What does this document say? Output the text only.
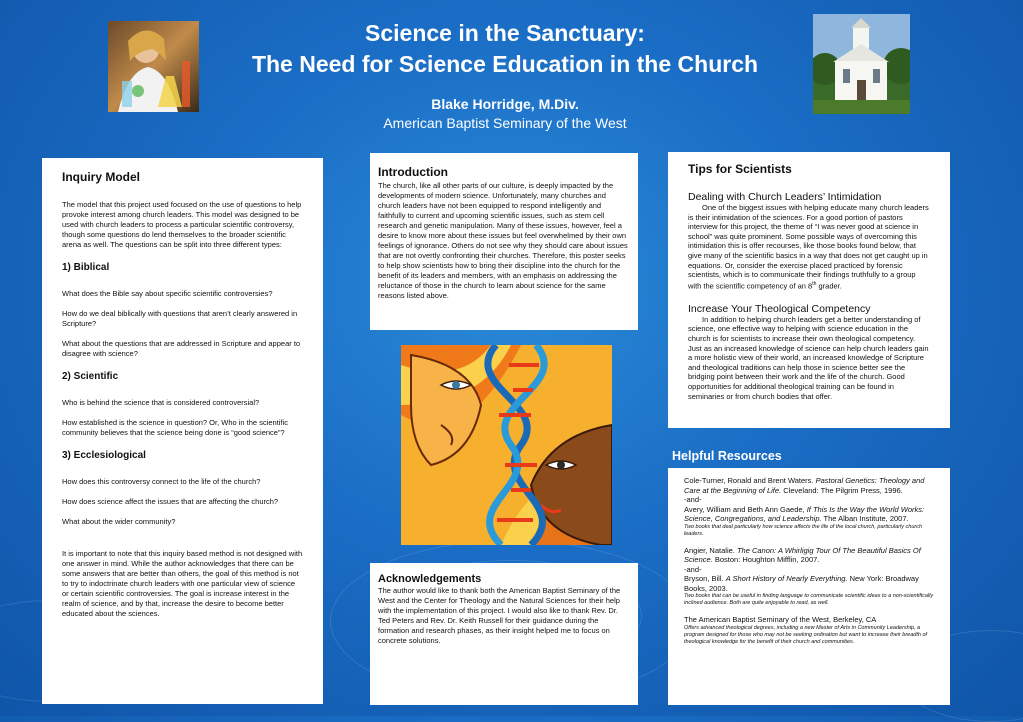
Science in the Sanctuary:
The Need for Science Education in the Church
Blake Horridge, M.Div.
American Baptist Seminary of the West
Inquiry Model
The model that this project used focused on the use of questions to help provoke interest among church leaders. This model was designed to be used with church leaders to process a particular scientific controversy, though some questions do lend themselves to the broader scientific arena as well. The questions can be split into three different types:
1) Biblical
What does the Bible say about specific scientific controversies?
How do we deal biblically with questions that aren’t clearly answered in Scripture?
What about the questions that are addressed in Scripture and appear to disagree with science?
2) Scientific
Who is behind the science that is considered controversial?
How established is the science in question? Or, Who in the scientific community believes that the science being done is “good science”?
3) Ecclesiological
How does this controversy connect to the life of the church?
How does science affect the issues that are affecting the church?
What about the wider community?
It is important to note that this inquiry based method is not designed with one answer in mind. While the author acknowledges that there can be some answers that are better than others, the goal of this method is not to try to indoctrinate church leaders with one particular view of science or certain scientific controversies. The goal is increase interest in the realm of science, and by that, increase the desire to become better educated about the sciences.
Introduction
The church, like all other parts of our culture, is deeply impacted by the developments of modern science. Unfortunately, many churches and church leaders have not been equipped to respond intelligently and faithfully to current and upcoming scientific issues, such as stem cell research and genetic manipulation. Many of these issues, however, feel a desire to know more about these issues but feel overwhelmed by their own feelings of ignorance. Others do not see why they should care about issues that are not overtly confronting their churches. Therefore, this poster seeks to help show scientists how to bring their discipline into the church for the benefit of its leaders and members, with an emphasis on addressing the reluctance of those in the church to learn about science for the same reasons listed above.
Acknowledgements
The author would like to thank both the American Baptist Seminary of the West and the Center for Theology and the Natural Sciences for their help with the implementation of this project. I would also like to thank Rev. Dr. Ted Peters and Rev. Dr. Keith Russell for their guidance during the formation and research phases, as their insight helped me to focus on concrete solutions.
Tips for Scientists
Dealing with Church Leaders’ Intimidation
One of the biggest issues with helping educate many church leaders is their intimidation of the sciences. For a good portion of pastors interview for this project, the theme of “I was never good at science in school” was quite prominent. Some possible ways of overcoming this intimidation this is offer recourses, like those books found below, that give many of the scientific basics in a way that does not get caught up in equations. Or, consider the exercise placed practiced by forensic scientists, which is to communicate their findings truthfully to a group with the scientific competency of an 8th grader.
Increase Your Theological Competency
In addition to helping church leaders get a better understanding of science, one effective way to helping with science education in the church is for scientists to increase their own theological competency. Just as an increased knowledge of science can help church leaders gain a more holistic view of their world, an increased knowledge of Scripture and theological traditions can help those in science better see the bridging point between their work and the life of the church. Good opportunities for additional theological training can be found in seminaries or from church bodies that offer.
Helpful Resources
Cole-Turner, Ronald and Brent Waters. Pastoral Genetics: Theology and Care at the Beginning of Life. Cleveland: The Pilgrim Press, 1996.
-and-
Avery, William and Beth Ann Gaede, If This Is the Way the World Works: Science, Congregations, and Leadership. The Alban Institute, 2007.
Two books that deal particularly how science affects the life of the local church, particularly church leaders.
Angier, Natalie. The Canon: A Whirligig Tour Of The Beautiful Basics Of Science. Boston: Houghton Mifflin, 2007.
-and-
Bryson, Bill. A Short History of Nearly Everything. New York: Broadway Books, 2003.
Two books that can be useful in finding language to communicate scientific ideas to a non-scientifically inclined audience. Both are quite enjoyable to read, as well.
The American Baptist Seminary of the West, Berkeley, CA
Offers advanced theological degrees, including a new Master of Arts in Community Leadership, a program designed for those who may not be seeking ordination but want to increase their breadth of theological knowledge for the benefit of their church and communities.
